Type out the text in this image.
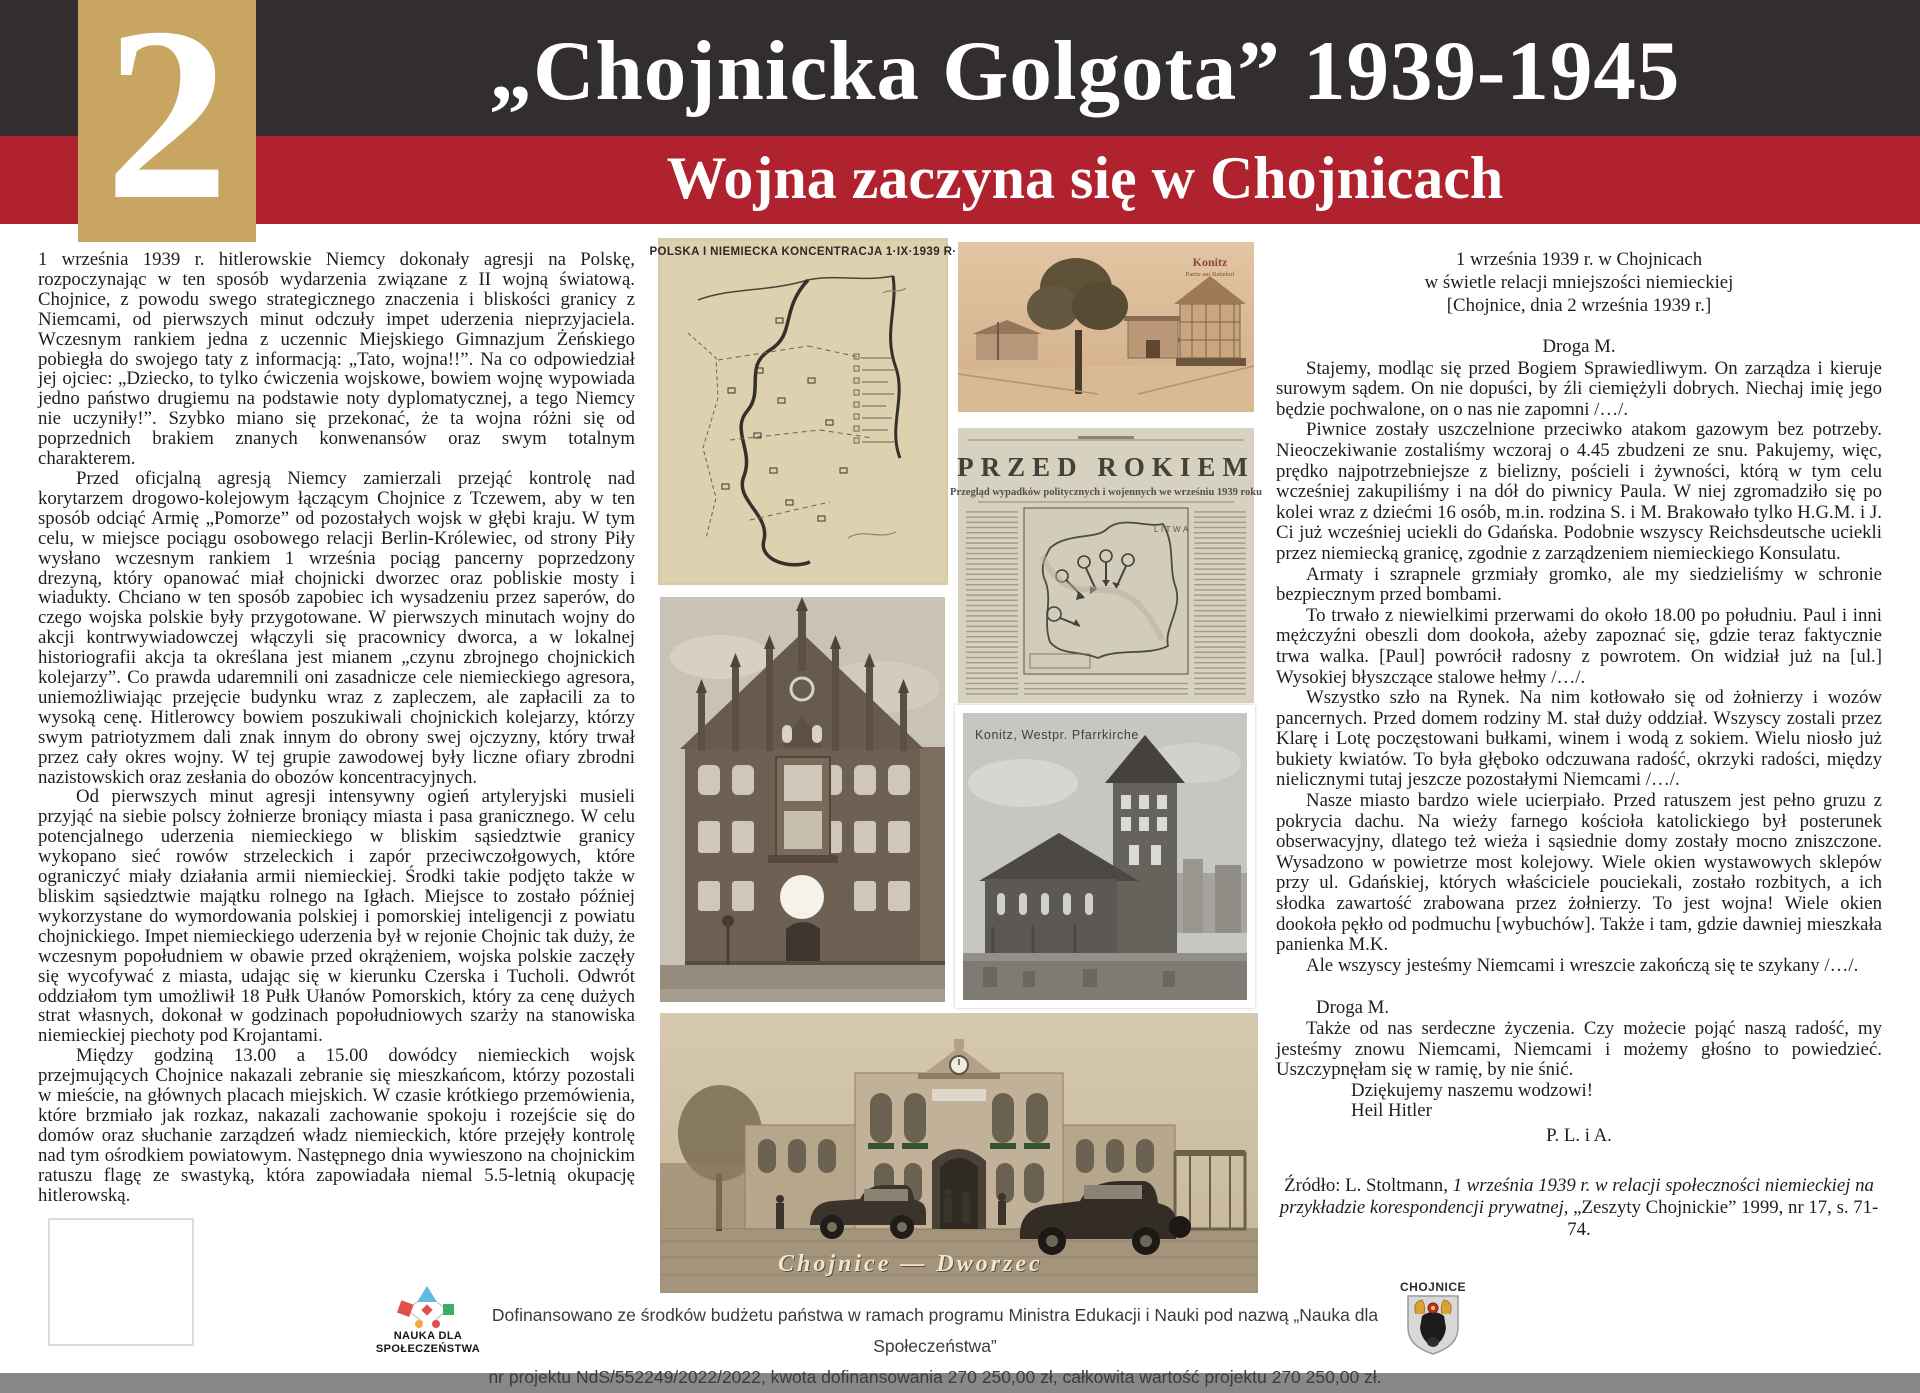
„Chojnicka Golgota” 1939-1945
Wojna zaczyna się w Chojnicach
2

1 września 1939 r. hitlerowskie Niemcy dokonały agresji na Polskę, rozpoczynając w ten sposób wydarzenia związane z II wojną światową. Chojnice, z powodu swego strategicznego znaczenia i bliskości granicy z Niemcami, od pierwszych minut odczuły impet uderzenia nieprzyjaciela. Wczesnym rankiem jedna z uczennic Miejskiego Gimnazjum Żeńskiego pobiegła do swojego taty z informacją: „Tato, wojna!!”. Na co odpowiedział jej ojciec: „Dziecko, to tylko ćwiczenia wojskowe, bowiem wojnę wypowiada jedno państwo drugiemu na podstawie noty dyplomatycznej, a tego Niemcy nie uczyniły!”. Szybko miano się przekonać, że ta wojna różni się od poprzednich brakiem znanych konwenansów oraz swym totalnym charakterem.

Przed oficjalną agresją Niemcy zamierzali przejąć kontrolę nad korytarzem drogowo-kolejowym łączącym Chojnice z Tczewem, aby w ten sposób odciąć Armię „Pomorze” od pozostałych wojsk w głębi kraju. W tym celu, w miejsce pociągu osobowego relacji Berlin-Królewiec, od strony Piły wysłano wczesnym rankiem 1 września pociąg pancerny poprzedzony drezyną, który opanować miał chojnicki dworzec oraz pobliskie mosty i wiadukty. Chciano w ten sposób zapobiec ich wysadzeniu przez saperów, do czego wojska polskie były przygotowane. W pierwszych minutach wojny do akcji kontrwywiadowczej włączyli się pracownicy dworca, a w lokalnej historiografii akcja ta określana jest mianem „czynu zbrojnego chojnickich kolejarzy”. Co prawda udaremnili oni zasadnicze cele niemieckiego agresora, uniemożliwiając przejęcie budynku wraz z zapleczem, ale zapłacili za to wysoką cenę. Hitlerowcy bowiem poszukiwali chojnickich kolejarzy, którzy swym patriotyzmem dali znak innym do obrony swej ojczyzny, który trwał przez cały okres wojny. W tej grupie zawodowej były liczne ofiary zbrodni nazistowskich oraz zesłania do obozów koncentracyjnych.

Od pierwszych minut agresji intensywny ogień artyleryjski musieli przyjąć na siebie polscy żołnierze broniący miasta i pasa granicznego. W celu potencjalnego uderzenia niemieckiego w bliskim sąsiedztwie granicy wykopano sieć rowów strzeleckich i zapór przeciwczołgowych, które ograniczyć miały działania armii niemieckiej. Środki takie podjęto także w bliskim sąsiedztwie majątku rolnego na Igłach. Miejsce to zostało później wykorzystane do wymordowania polskiej i pomorskiej inteligencji z powiatu chojnickiego. Impet niemieckiego uderzenia był w rejonie Chojnic tak duży, że wczesnym popołudniem w obawie przed okrążeniem, wojska polskie zaczęły się wycofywać z miasta, udając się w kierunku Czerska i Tucholi. Odwrót oddziałom tym umożliwił 18 Pułk Ułanów Pomorskich, który za cenę dużych strat własnych, dokonał w godzinach popołudniowych szarży na stanowiska niemieckiej piechoty pod Krojantami.

Między godziną 13.00 a 15.00 dowódcy niemieckich wojsk przejmujących Chojnice nakazali zebranie się mieszkańcom, którzy pozostali w mieście, na głównych placach miejskich. W czasie krótkiego przemówienia, które brzmiało jak rozkaz, nakazali zachowanie spokoju i rozejście się do domów oraz słuchanie zarządzeń władz niemieckich, które przejęły kontrolę nad tym ośrodkiem powiatowym. Następnego dnia wywieszono na chojnickim ratuszu flagę ze swastyką, która zapowiadała niemal 5.5-letnią okupację hitlerowską.

POLSKA I NIEMIECKA KONCENTRACJA 1·IX·1939 R·
Konitz
Partie am Bahnhof
PRZED ROKIEM
Przegląd wypadków politycznych i wojennych we wrześniu 1939 roku
LITWA
Konitz, Westpr. Pfarrkirche
Chojnice — Dworzec
1 września 1939 r. w Chojnicach
w świetle relacji mniejszości niemieckiej
[Chojnice, dnia 2 września 1939 r.]
Droga M.

Stajemy, modląc się przed Bogiem Sprawiedliwym. On zarządza i kieruje surowym sądem. On nie dopuści, by źli ciemiężyli dobrych. Niechaj imię jego będzie pochwalone, on o nas nie zapomni /…/.

Piwnice zostały uszczelnione przeciwko atakom gazowym bez potrzeby. Nieoczekiwanie zostaliśmy wczoraj o 4.45 zbudzeni ze snu. Pakujemy, więc, prędko najpotrzebniejsze z bielizny, pościeli i żywności, którą w tym celu wcześniej zakupiliśmy i na dół do piwnicy Paula. W niej zgromadziło się po kolei wraz z dziećmi 16 osób, m.in. rodzina S. i M. Brakowało tylko H.G.M. i J. Ci już wcześniej uciekli do Gdańska. Podobnie wszyscy Reichsdeutsche uciekli przez niemiecką granicę, zgodnie z zarządzeniem niemieckiego Konsulatu.

Armaty i szrapnele grzmiały gromko, ale my siedzieliśmy w schronie bezpiecznym przed bombami.

To trwało z niewielkimi przerwami do około 18.00 po południu. Paul i inni mężczyźni obeszli dom dookoła, ażeby zapoznać się, gdzie teraz faktycznie trwa walka. [Paul] powrócił radosny z powrotem. On widział już na [ul.] Wysokiej błyszczące stalowe hełmy /…/.

Wszystko szło na Rynek. Na nim kotłowało się od żołnierzy i wozów pancernych. Przed domem rodziny M. stał duży oddział. Wszyscy zostali przez Klarę i Lotę poczęstowani bułkami, winem i wodą z sokiem. Wielu niosło już bukiety kwiatów. To była głęboko odczuwana radość, okrzyki radości, między nielicznymi tutaj jeszcze pozostałymi Niemcami /…/.

Nasze miasto bardzo wiele ucierpiało. Przed ratuszem jest pełno gruzu z pokrycia dachu. Na wieży farnego kościoła katolickiego był posterunek obserwacyjny, dlatego też wieża i sąsiednie domy zostały mocno zniszczone. Wysadzono w powietrze most kolejowy. Wiele okien wystawowych sklepów przy ul. Gdańskiej, których właściciele pouciekali, zostało rozbitych, a ich słodka zawartość zrabowana przez żołnierzy. To jest wojna! Wiele okien dookoła pękło od podmuchu [wybuchów]. Także i tam, gdzie dawniej mieszkała panienka M.K.

Ale wszyscy jesteśmy Niemcami i wreszcie zakończą się te szykany /…/.

Droga M.

Także od nas serdeczne życzenia. Czy możecie pojąć naszą radość, my jesteśmy znowu Niemcami, Niemcami i możemy głośno to powiedzieć. Uszczypnęłam się w ramię, by nie śnić.

Dziękujemy naszemu wodzowi!
Heil Hitler
P. L. i A.
Źródło: L. Stoltmann, 1 września 1939 r. w relacji społeczności niemieckiej na przykładzie korespondencji prywatnej, „Zeszyty Chojnickie” 1999, nr 17, s. 71-74.
NAUKA DLA
SPOŁECZEŃSTWA
Dofinansowano ze środków budżetu państwa w ramach programu Ministra Edukacji i Nauki pod nazwą „Nauka dla Społeczeństwa”
nr projektu NdS/552249/2022/2022, kwota dofinansowania 270 250,00 zł, całkowita wartość projektu 270 250,00 zł.
CHOJNICE
